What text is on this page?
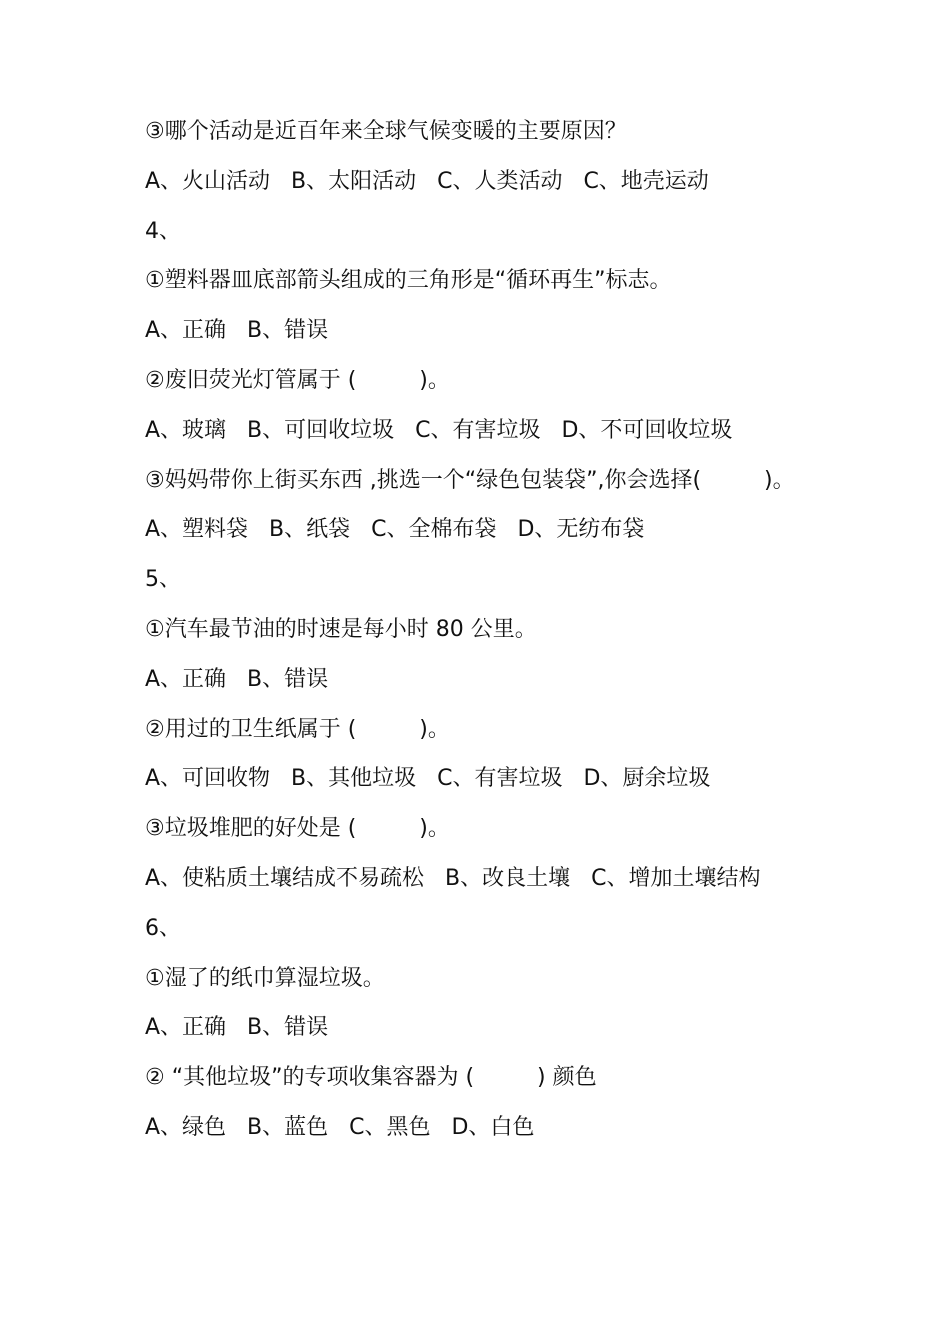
③哪个活动是近百年来全球气候变暖的主要原因？
A、火山活动   B、太阳活动   C、人类活动   C、地壳运动
4、
①塑料器皿底部箭头组成的三角形是“循环再生”标志。
A、正确   B、错误
②废旧荧光灯管属于 (         )。
A、玻璃   B、可回收垃圾   C、有害垃圾   D、不可回收垃圾
③妈妈带你上街买东西 ,挑选一个“绿色包装袋”,你会选择(         )。
A、塑料袋   B、纸袋   C、全棉布袋   D、无纺布袋
5、
①汽车最节油的时速是每小时 80 公里。
A、正确   B、错误
②用过的卫生纸属于 (         )。
A、可回收物   B、其他垃圾   C、有害垃圾   D、厨余垃圾
③垃圾堆肥的好处是 (         )。
A、使粘质土壤结成不易疏松   B、改良土壤   C、增加土壤结构
6、
①湿了的纸巾算湿垃圾。
A、正确   B、错误
② “其他垃圾”的专项收集容器为 (         ) 颜色
A、绿色   B、蓝色   C、黑色   D、白色
